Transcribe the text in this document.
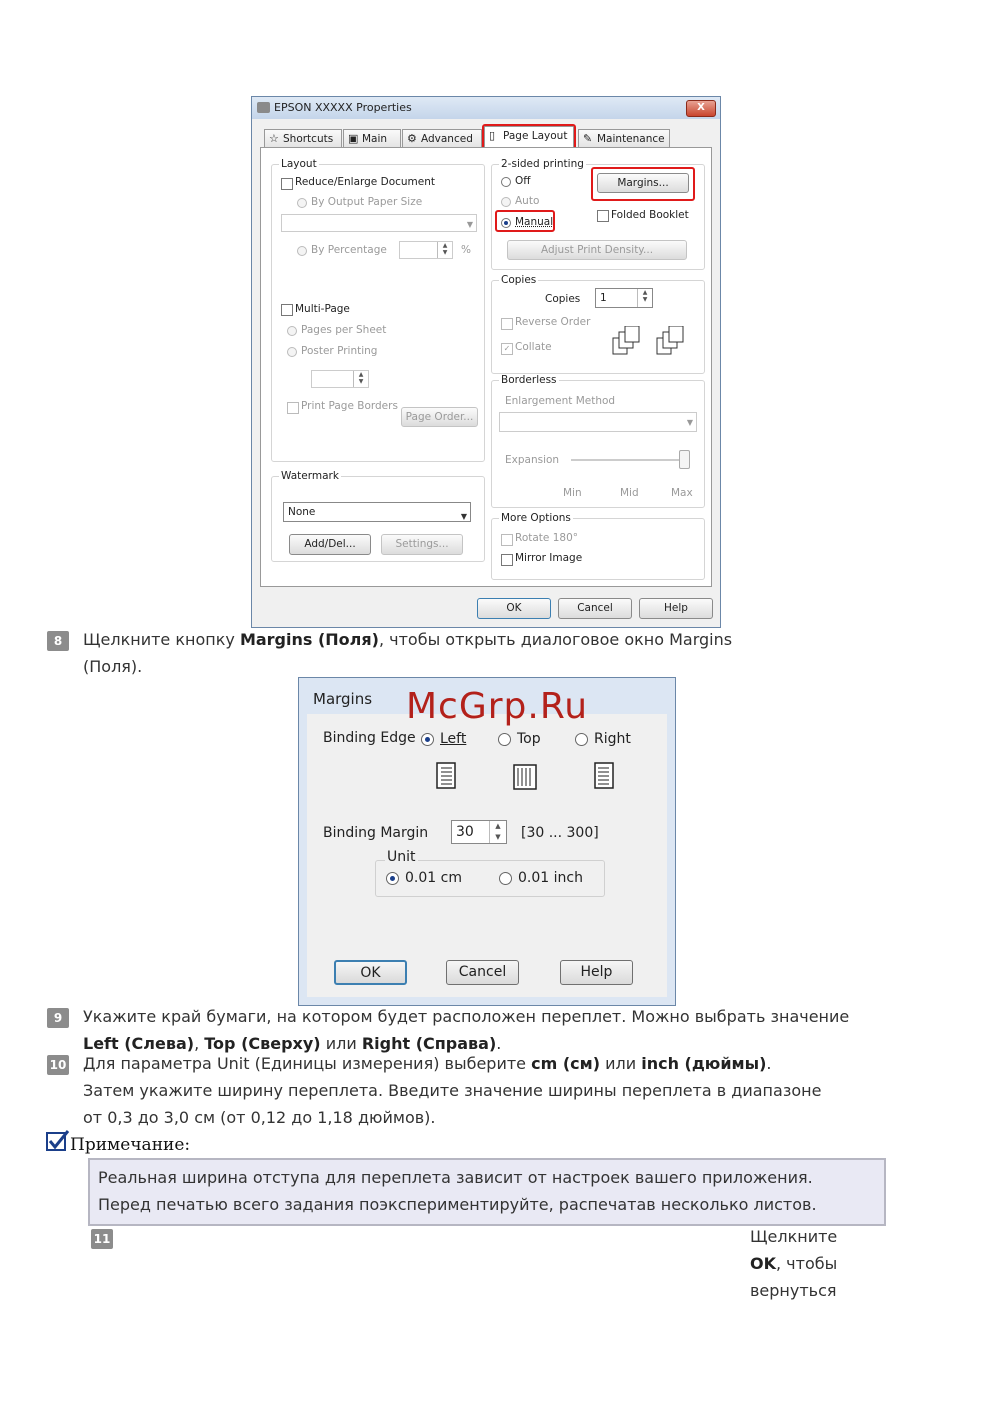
EPSON XXXXX Properties	X
☆ Shortcuts	▣ Main	⚙ Advanced	▯ Page Layout	✎ Maintenance
Layout
Reduce/Enlarge Document
By Output Paper Size
▼
By Percentage	▲
▼	%
Multi-Page
Pages per Sheet
Poster Printing
▲
▼
Print Page Borders
Page Order...
Watermark
None	▼
Add/Del...	Settings...
2-sided printing
Off
Auto
Manual
Margins...
Folded Booklet
Adjust Print Density...
Copies
Copies	1	▲
▼
Reverse Order
✓ Collate
Borderless
Enlargement Method
▼
Expansion
Min	Mid	Max
More Options
Rotate 180°
Mirror Image
OK	Cancel	Help
8	Щелкните кнопку Margins (Поля), чтобы открыть диалоговое окно Margins
(Поля).
Margins
Binding Edge Left	Top	Right
Binding Margin	30	▲
▼	[30 ... 300]
Unit
0.01 cm	0.01 inch
OK	Cancel	Help
McGrp.Ru
9	Укажите край бумаги, на котором будет расположен переплет. Можно выбрать значение
Left (Слева), Top (Сверху) или Right (Справа).
10 Для параметра Unit (Единицы измерения) выберите cm (см) или inch (дюймы).
Затем укажите ширину переплета. Введите значение ширины переплета в диапазоне
от 0,3 до 3,0 см (от 0,12 до 1,18 дюймов).
Примечание:
Реальная ширина отступа для переплета зависит от настроек вашего приложения.
Перед печатью всего задания поэкспериментируйте, распечатав несколько листов.
11	Щелкните
OK, чтобы
вернуться
